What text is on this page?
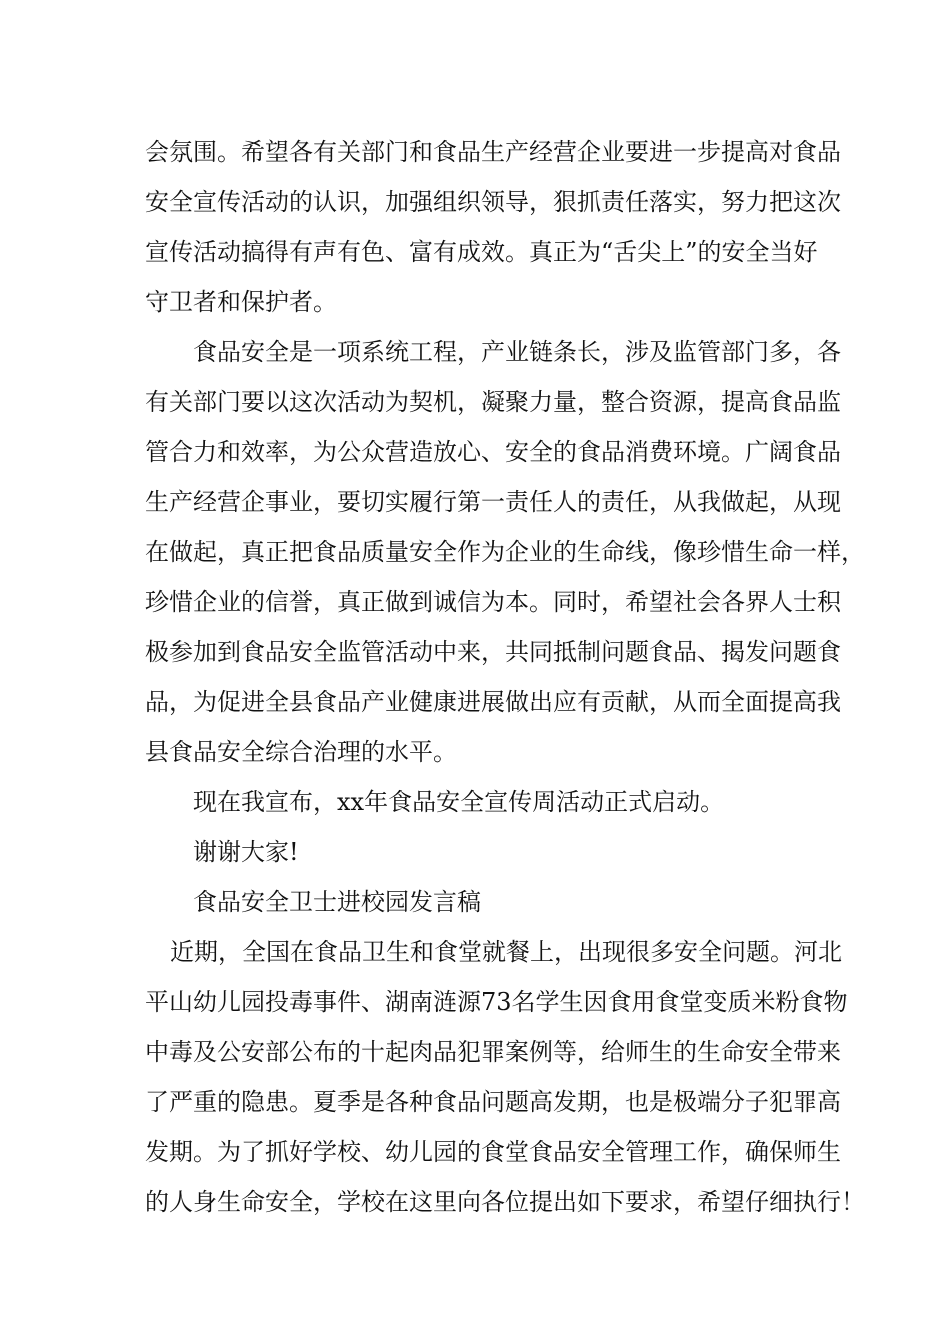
会氛围。希望各有关部门和食品生产经营企业要进一步提高对食品
安全宣传活动的认识，加强组织领导，狠抓责任落实，努力把这次
宣传活动搞得有声有色、富有成效。真正为“舌尖上”的安全当好
守卫者和保护者。
食品安全是一项系统工程，产业链条长，涉及监管部门多，各
有关部门要以这次活动为契机，凝聚力量，整合资源，提高食品监
管合力和效率，为公众营造放心、安全的食品消费环境。广阔食品
生产经营企事业，要切实履行第一责任人的责任，从我做起，从现
在做起，真正把食品质量安全作为企业的生命线，像珍惜生命一样，
珍惜企业的信誉，真正做到诚信为本。同时，希望社会各界人士积
极参加到食品安全监管活动中来，共同抵制问题食品、揭发问题食
品，为促进全县食品产业健康进展做出应有贡献，从而全面提高我
县食品安全综合治理的水平。
现在我宣布，xx年食品安全宣传周活动正式启动。
谢谢大家!
食品安全卫士进校园发言稿
近期，全国在食品卫生和食堂就餐上，出现很多安全问题。河北
平山幼儿园投毒事件、湖南涟源73名学生因食用食堂变质米粉食物
中毒及公安部公布的十起肉品犯罪案例等，给师生的生命安全带来
了严重的隐患。夏季是各种食品问题高发期，也是极端分子犯罪高
发期。为了抓好学校、幼儿园的食堂食品安全管理工作，确保师生
的人身生命安全，学校在这里向各位提出如下要求，希望仔细执行！
